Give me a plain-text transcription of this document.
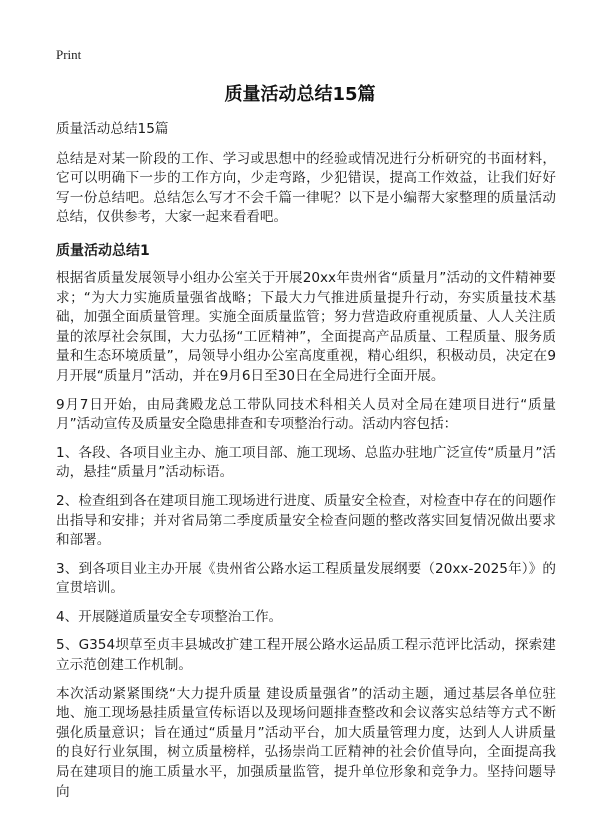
Print
质量活动总结15篇

质量活动总结15篇

总结是对某一阶段的工作、学习或思想中的经验或情况进行分析研究的书面材料，它可以明确下一步的工作方向，少走弯路，少犯错误，提高工作效益，让我们好好写一份总结吧。总结怎么写才不会千篇一律呢？以下是小编帮大家整理的质量活动总结，仅供参考，大家一起来看看吧。

质量活动总结1

根据省质量发展领导小组办公室关于开展20xx年贵州省“质量月”活动的文件精神要求；“为大力实施质量强省战略；下最大力气推进质量提升行动，夯实质量技术基础，加强全面质量管理。实施全面质量监管；努力营造政府重视质量、人人关注质量的浓厚社会氛围，大力弘扬“工匠精神”，全面提高产品质量、工程质量、服务质量和生态环境质量”，局领导小组办公室高度重视，精心组织，积极动员，决定在9月开展“质量月”活动，并在9月6日至30日在全局进行全面开展。

9月7日开始，由局龚殿龙总工带队同技术科相关人员对全局在建项目进行“质量月”活动宣传及质量安全隐患排查和专项整治行动。活动内容包括：

1、各段、各项目业主办、施工项目部、施工现场、总监办驻地广泛宣传“质量月”活动，悬挂“质量月”活动标语。

2、检查组到各在建项目施工现场进行进度、质量安全检查，对检查中存在的问题作出指导和安排；并对省局第二季度质量安全检查问题的整改落实回复情况做出要求和部署。

3、到各项目业主办开展《贵州省公路水运工程质量发展纲要（20xx-2025年）》的宣贯培训。

4、开展隧道质量安全专项整治工作。

5、G354坝草至贞丰县城改扩建工程开展公路水运品质工程示范评比活动，探索建立示范创建工作机制。

本次活动紧紧围绕“大力提升质量 建设质量强省”的活动主题，通过基层各单位驻地、施工现场悬挂质量宣传标语以及现场问题排查整改和会议落实总结等方式不断强化质量意识；旨在通过“质量月”活动平台，加大质量管理力度，达到人人讲质量的良好行业氛围，树立质量榜样，弘扬崇尚工匠精神的社会价值导向，全面提高我局在建项目的施工质量水平，加强质量监管，提升单位形象和竞争力。坚持问题导向
